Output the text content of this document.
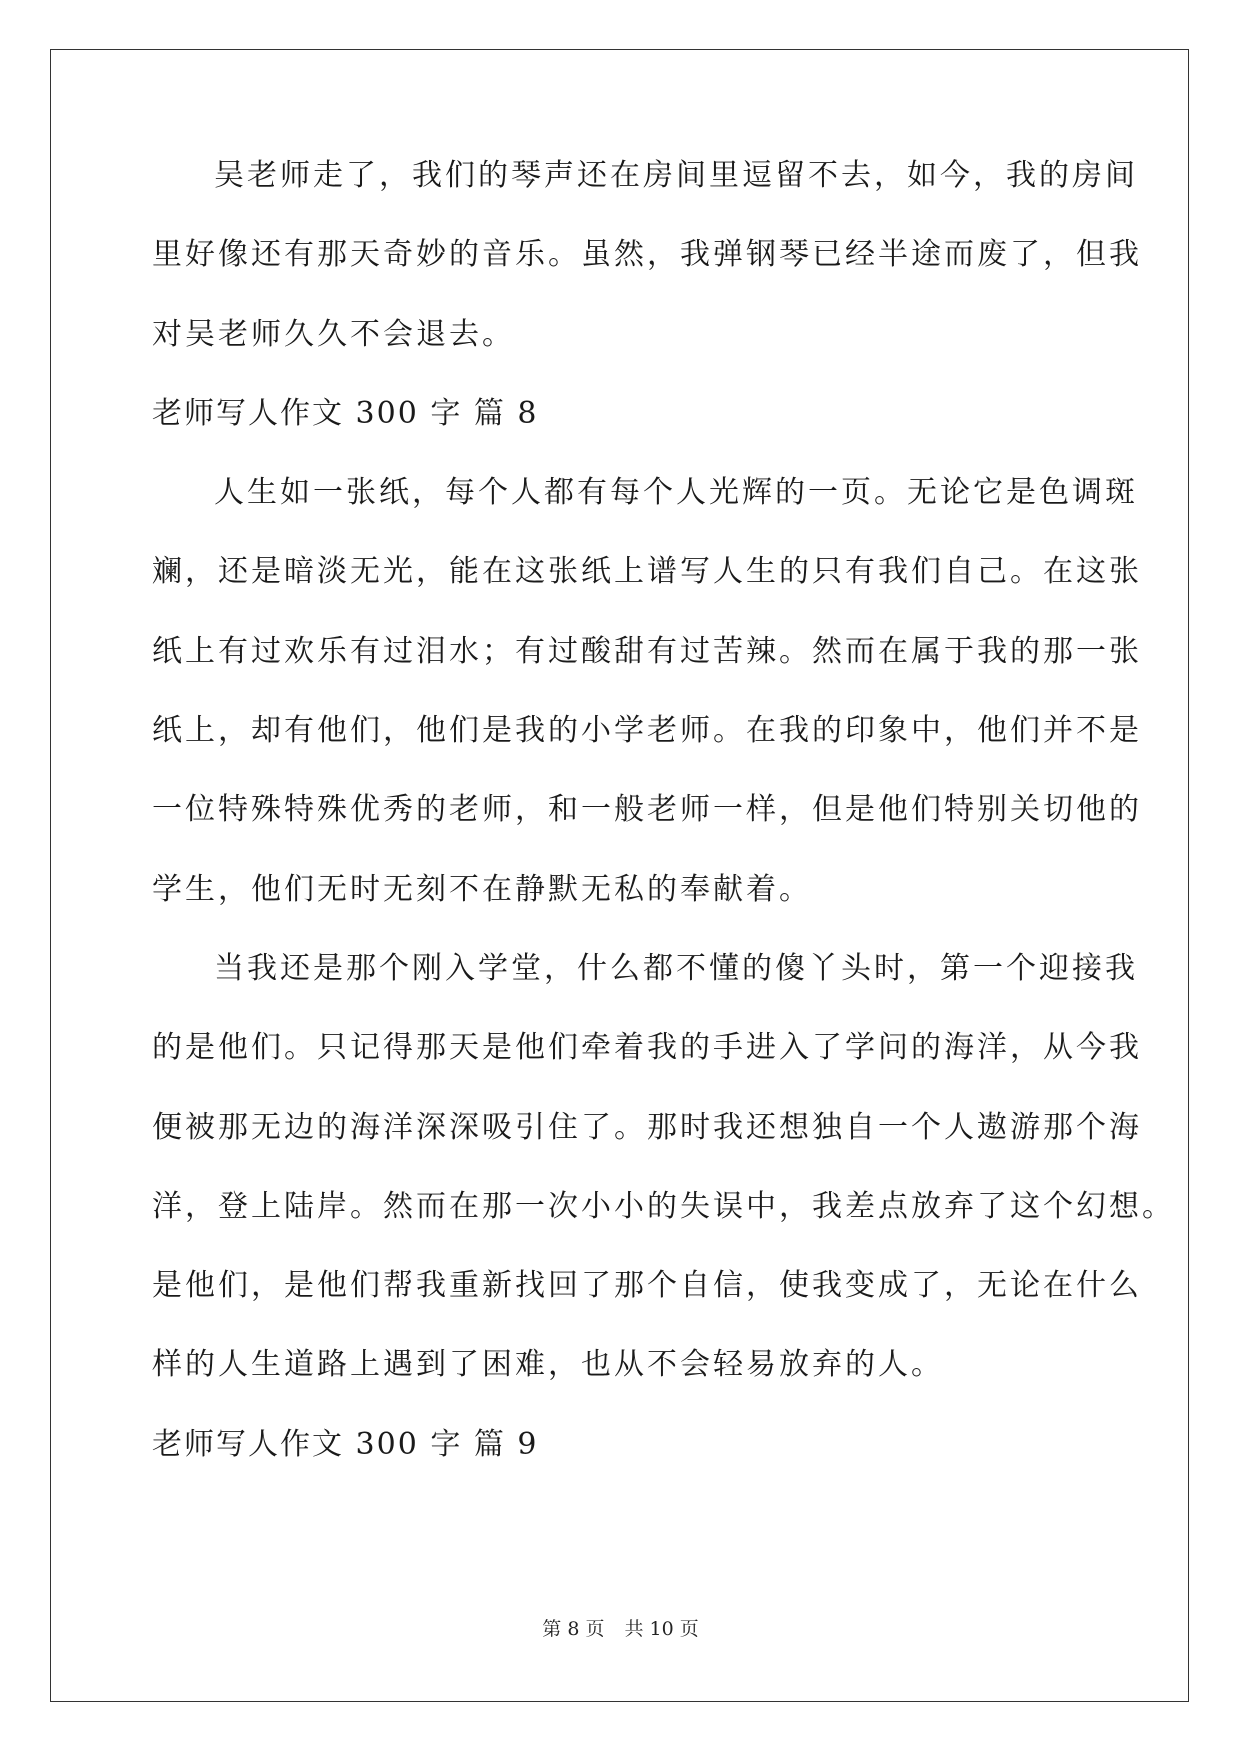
吴老师走了，我们的琴声还在房间里逗留不去，如今，我的房间
里好像还有那天奇妙的音乐。虽然，我弹钢琴已经半途而废了，但我
对吴老师久久不会退去。
老师写人作文 300 字 篇 8
人生如一张纸，每个人都有每个人光辉的一页。无论它是色调斑
斓，还是暗淡无光，能在这张纸上谱写人生的只有我们自己。在这张
纸上有过欢乐有过泪水；有过酸甜有过苦辣。然而在属于我的那一张
纸上，却有他们，他们是我的小学老师。在我的印象中，他们并不是
一位特殊特殊优秀的老师，和一般老师一样，但是他们特别关切他的
学生，他们无时无刻不在静默无私的奉献着。
当我还是那个刚入学堂，什么都不懂的傻丫头时，第一个迎接我
的是他们。只记得那天是他们牵着我的手进入了学问的海洋，从今我
便被那无边的海洋深深吸引住了。那时我还想独自一个人遨游那个海
洋，登上陆岸。然而在那一次小小的失误中，我差点放弃了这个幻想。
是他们，是他们帮我重新找回了那个自信，使我变成了，无论在什么
样的人生道路上遇到了困难，也从不会轻易放弃的人。
老师写人作文 300 字 篇 9
第 8 页 共 10 页
